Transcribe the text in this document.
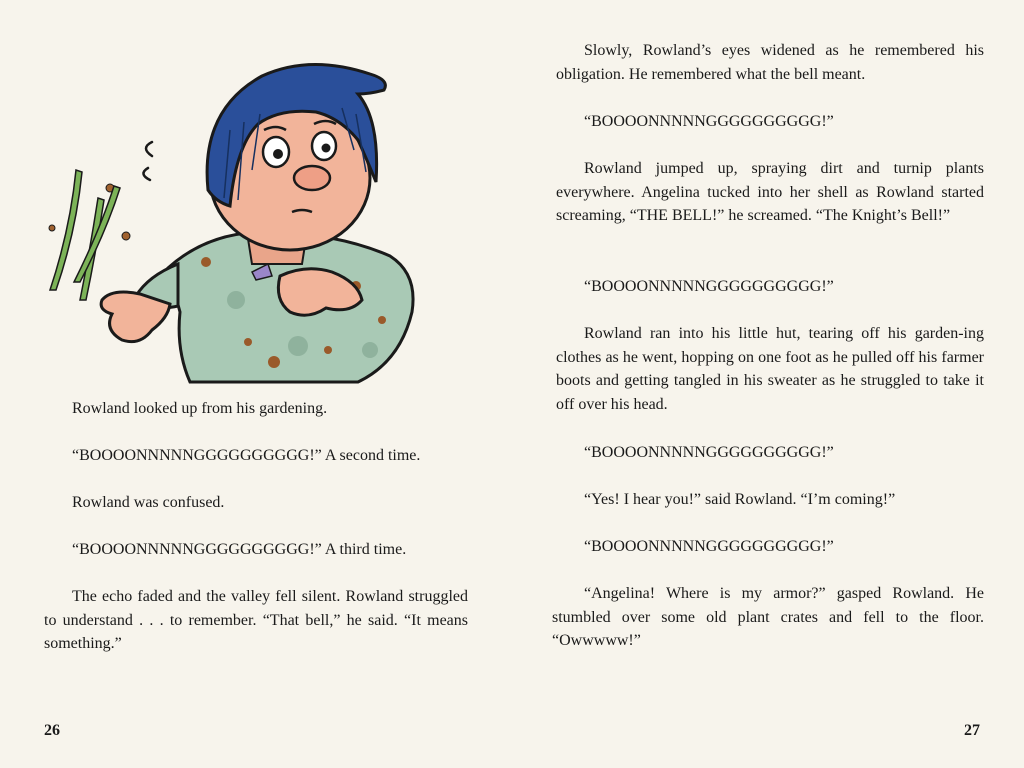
Rowland looked up from his gardening.

“BOOOONNNNNGGGGGGGGGG!” A second time.

Rowland was confused.

“BOOOONNNNNGGGGGGGGGG!” A third time.

The echo faded and the valley fell silent. Rowland struggled to understand . . . to remember. “That bell,” he said. “It means something.”

26

Slowly, Rowland’s eyes widened as he remembered his obligation. He remembered what the bell meant.

“BOOOONNNNNGGGGGGGGGG!”

Rowland jumped up, spraying dirt and turnip plants everywhere. Angelina tucked into her shell as Rowland started screaming, “THE BELL!” he screamed. “The Knight’s Bell!”

“BOOOONNNNNGGGGGGGGGG!”

Rowland ran into his little hut, tearing off his garden-ing clothes as he went, hopping on one foot as he pulled off his farmer boots and getting tangled in his sweater as he struggled to take it off over his head.

“BOOOONNNNNGGGGGGGGGG!”

“Yes! I hear you!” said Rowland. “I’m coming!”

“BOOOONNNNNGGGGGGGGGG!”

“Angelina! Where is my armor?” gasped Rowland. He stumbled over some old plant crates and fell to the floor. “Owwwww!”

27
